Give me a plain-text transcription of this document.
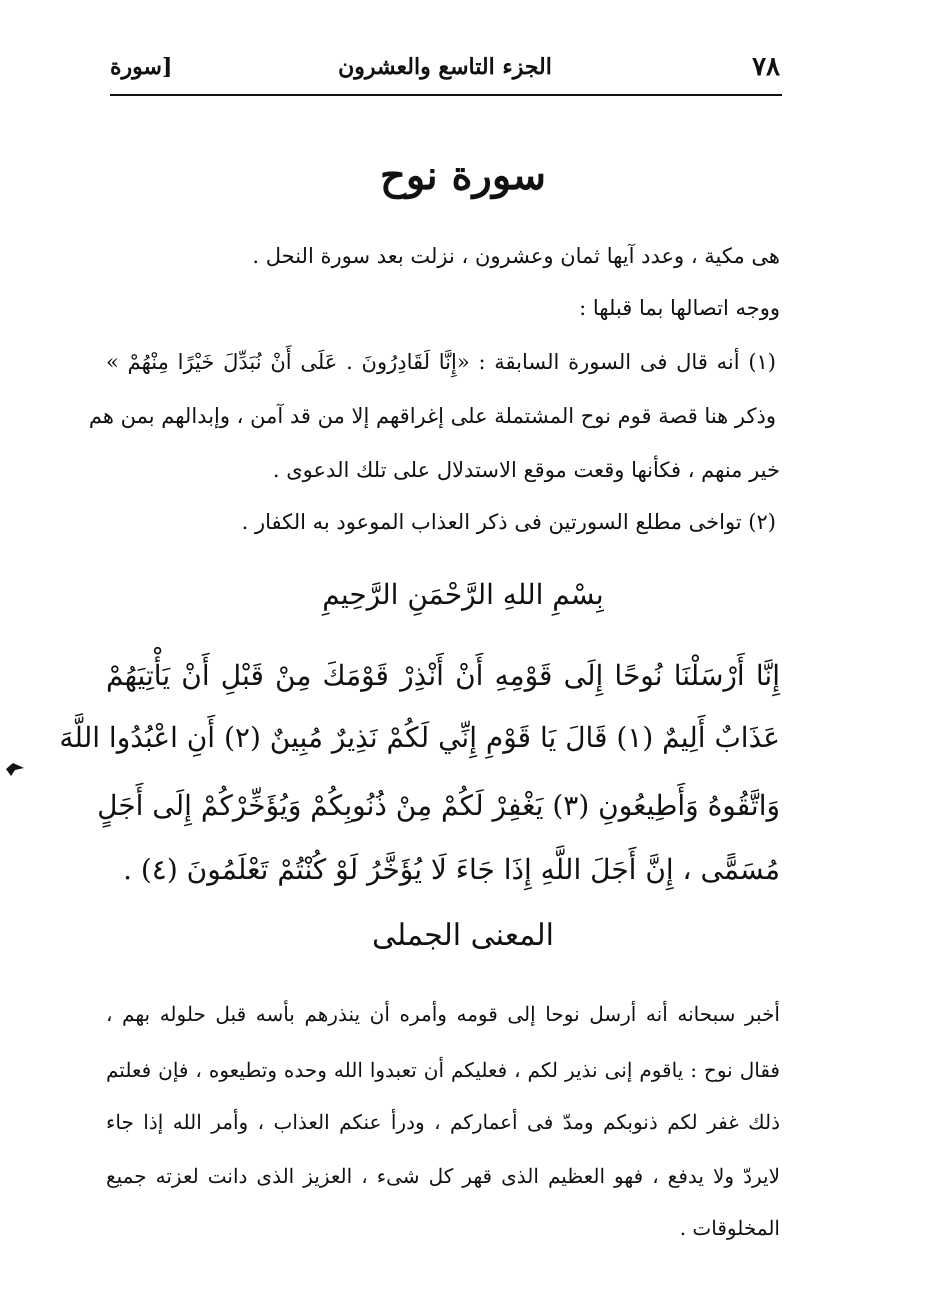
٧٨
الجزء التاسع والعشرون
[سورة
سورة نوح
هى مكية ، وعدد آيها ثمان وعشرون ، نزلت بعد سورة النحل .
ووجه اتصالها بما قبلها :
(١) أنه قال فى السورة السابقة : «إِنَّا لَقَادِرُونَ . عَلَى أَنْ نُبَدِّلَ خَيْرًا مِنْهُمْ »
وذكر هنا قصة قوم نوح المشتملة على إغراقهم إلا من قد آمن ، وإبدالهم بمن هم
خير منهم ، فكأنها وقعت موقع الاستدلال على تلك الدعوى .
(٢) تواخى مطلع السورتين فى ذكر العذاب الموعود به الكفار .
بِسْمِ اللهِ الرَّحْمَنِ الرَّحِيمِ
إِنَّا أَرْسَلْنَا نُوحًا إِلَى قَوْمِهِ أَنْ أَنْذِرْ قَوْمَكَ مِنْ قَبْلِ أَنْ يَأْتِيَهُمْ
عَذَابٌ أَلِيمٌ (١) قَالَ يَا قَوْمِ إِنِّي لَكُمْ نَذِيرٌ مُبِينٌ (٢) أَنِ اعْبُدُوا اللَّهَ
وَاتَّقُوهُ وَأَطِيعُونِ (٣) يَغْفِرْ لَكُمْ مِنْ ذُنُوبِكُمْ وَيُؤَخِّرْكُمْ إِلَى أَجَلٍ
مُسَمًّى ، إِنَّ أَجَلَ اللَّهِ إِذَا جَاءَ لَا يُؤَخَّرُ لَوْ كُنْتُمْ تَعْلَمُونَ (٤) .
المعنى الجملى
أخبر سبحانه أنه أرسل نوحا إلى قومه وأمره أن ينذرهم بأسه قبل حلوله بهم ،
فقال نوح : ياقوم إنى نذير لكم ، فعليكم أن تعبدوا الله وحده وتطيعوه ، فإن فعلتم
ذلك غفر لكم ذنوبكم ومدّ فى أعماركم ، ودرأ عنكم العذاب ، وأمر الله إذا جاء
لايردّ ولا يدفع ، فهو العظيم الذى قهر كل شىء ، العزيز الذى دانت لعزته جميع
المخلوقات .
